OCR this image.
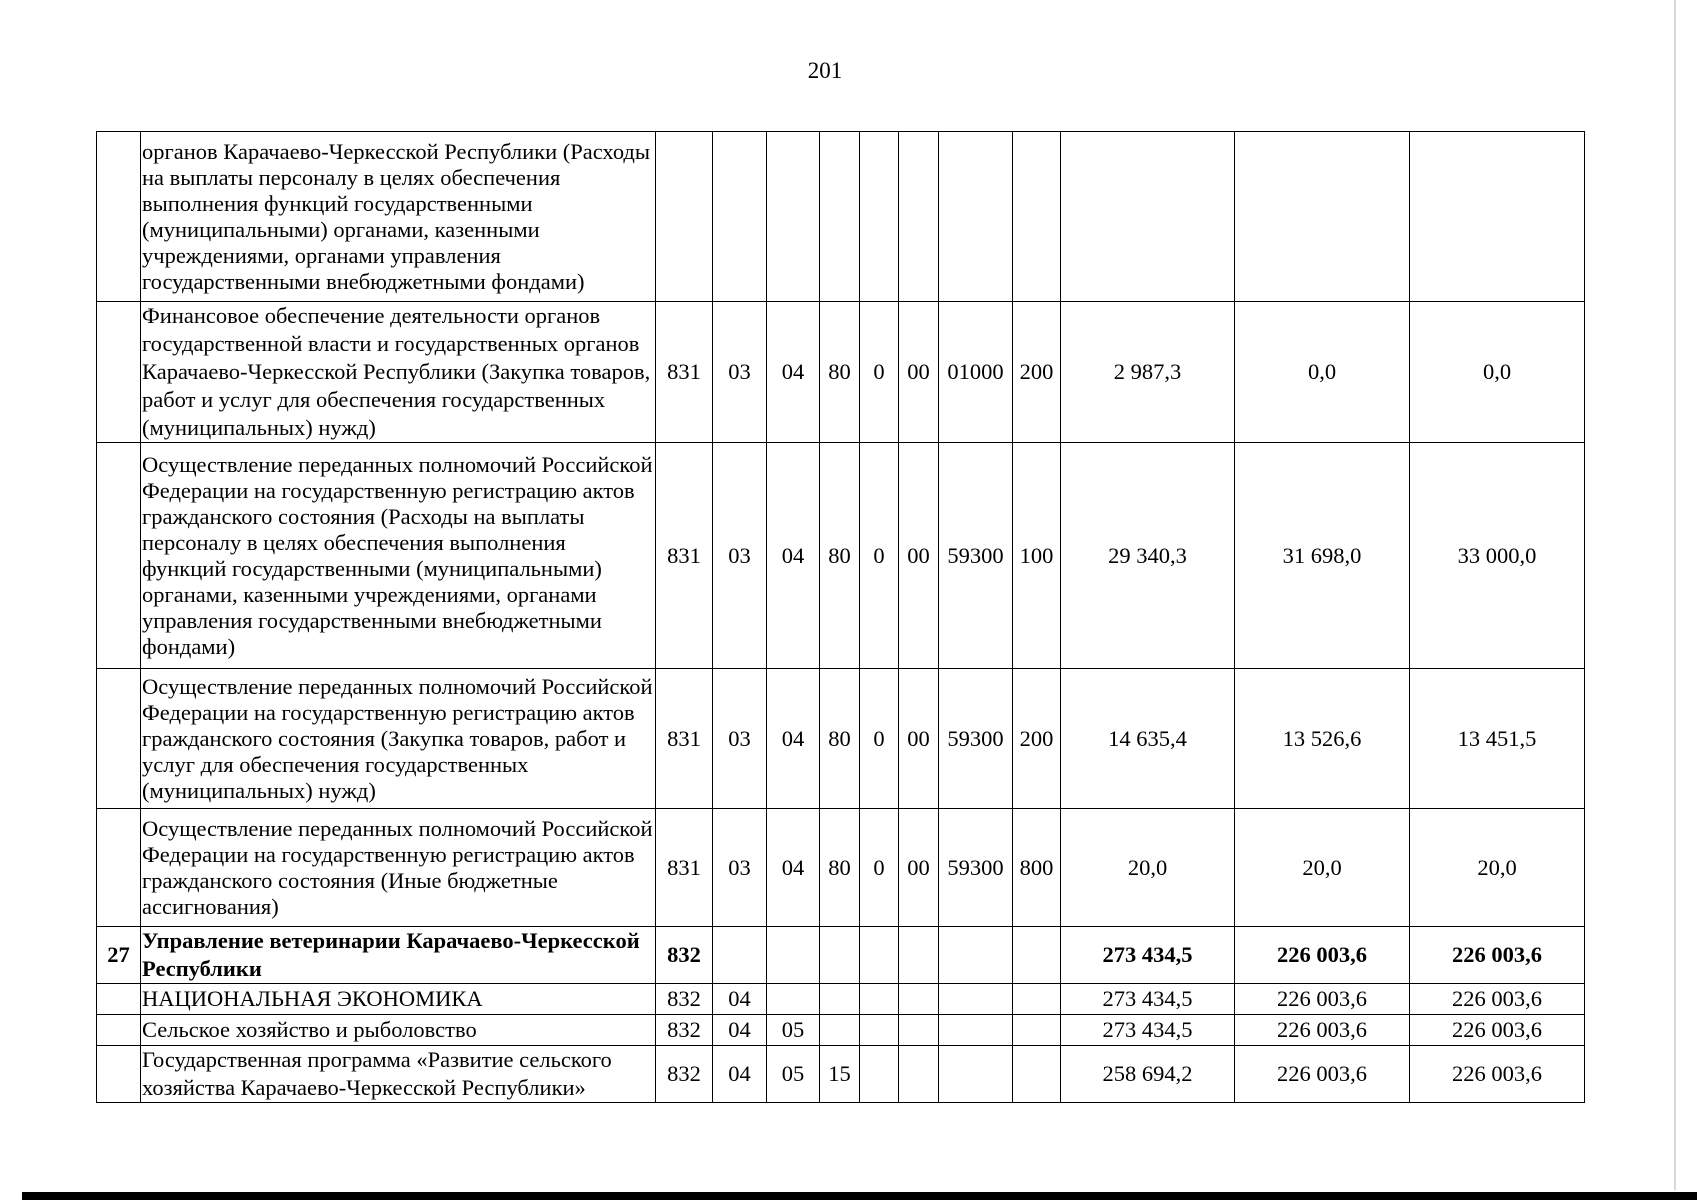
201
	органов Карачаево-Черкесской Республики (Расходы на выплаты персоналу в целях обеспечения выполнения функций государственными (муниципальными) органами, казенными учреждениями, органами управления государственными внебюджетными фондами)											
	Финансовое обеспечение деятельности органов государственной власти и государственных органов Карачаево-Черкесской Республики (Закупка товаров, работ и услуг для обеспечения государственных (муниципальных) нужд)	831	03	04	80	0	00	01000	200	2 987,3	0,0	0,0
	Осуществление переданных полномочий Российской Федерации на государственную регистрацию актов гражданского состояния (Расходы на выплаты персоналу в целях обеспечения выполнения функций государственными (муниципальными) органами, казенными учреждениями, органами управления государственными внебюджетными фондами)	831	03	04	80	0	00	59300	100	29 340,3	31 698,0	33 000,0
	Осуществление переданных полномочий Российской Федерации на государственную регистрацию актов гражданского состояния (Закупка товаров, работ и услуг для обеспечения государственных (муниципальных) нужд)	831	03	04	80	0	00	59300	200	14 635,4	13 526,6	13 451,5
	Осуществление переданных полномочий Российской Федерации на государственную регистрацию актов гражданского состояния (Иные бюджетные ассигнования)	831	03	04	80	0	00	59300	800	20,0	20,0	20,0
27	Управление ветеринарии Карачаево-Черкесской Республики	832								273 434,5	226 003,6	226 003,6
	НАЦИОНАЛЬНАЯ ЭКОНОМИКА	832	04							273 434,5	226 003,6	226 003,6
	Сельское хозяйство и рыболовство	832	04	05						273 434,5	226 003,6	226 003,6
	Государственная программа «Развитие сельского хозяйства Карачаево-Черкесской Республики»	832	04	05	15					258 694,2	226 003,6	226 003,6
